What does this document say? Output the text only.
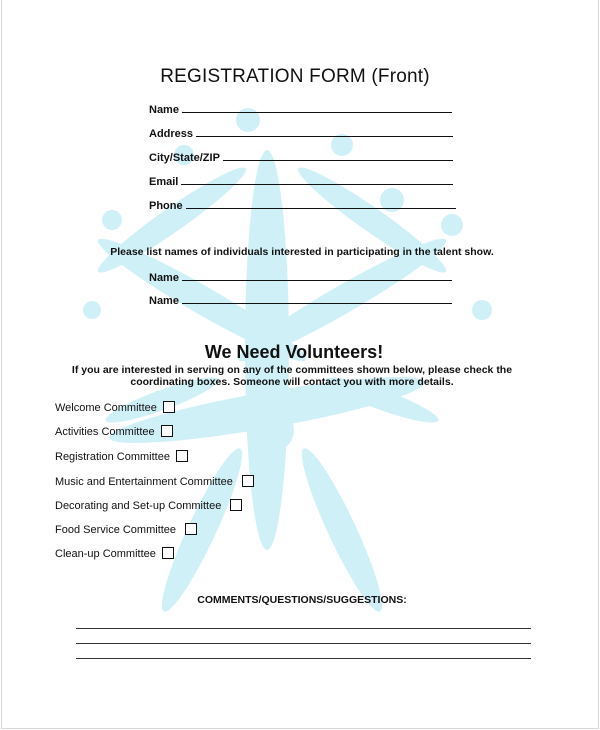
REGISTRATION FORM (Front)
Name
Address
City/State/ZIP
Email
Phone
Please list names of individuals interested in participating in the talent show.
Name
Name
We Need Volunteers!
If you are interested in serving on any of the committees shown below, please check the
coordinating boxes. Someone will contact you with more details.
Welcome Committee
Activities Committee
Registration Committee
Music and Entertainment Committee
Decorating and Set-up Committee
Food Service Committee
Clean-up Committee
COMMENTS/QUESTIONS/SUGGESTIONS:
